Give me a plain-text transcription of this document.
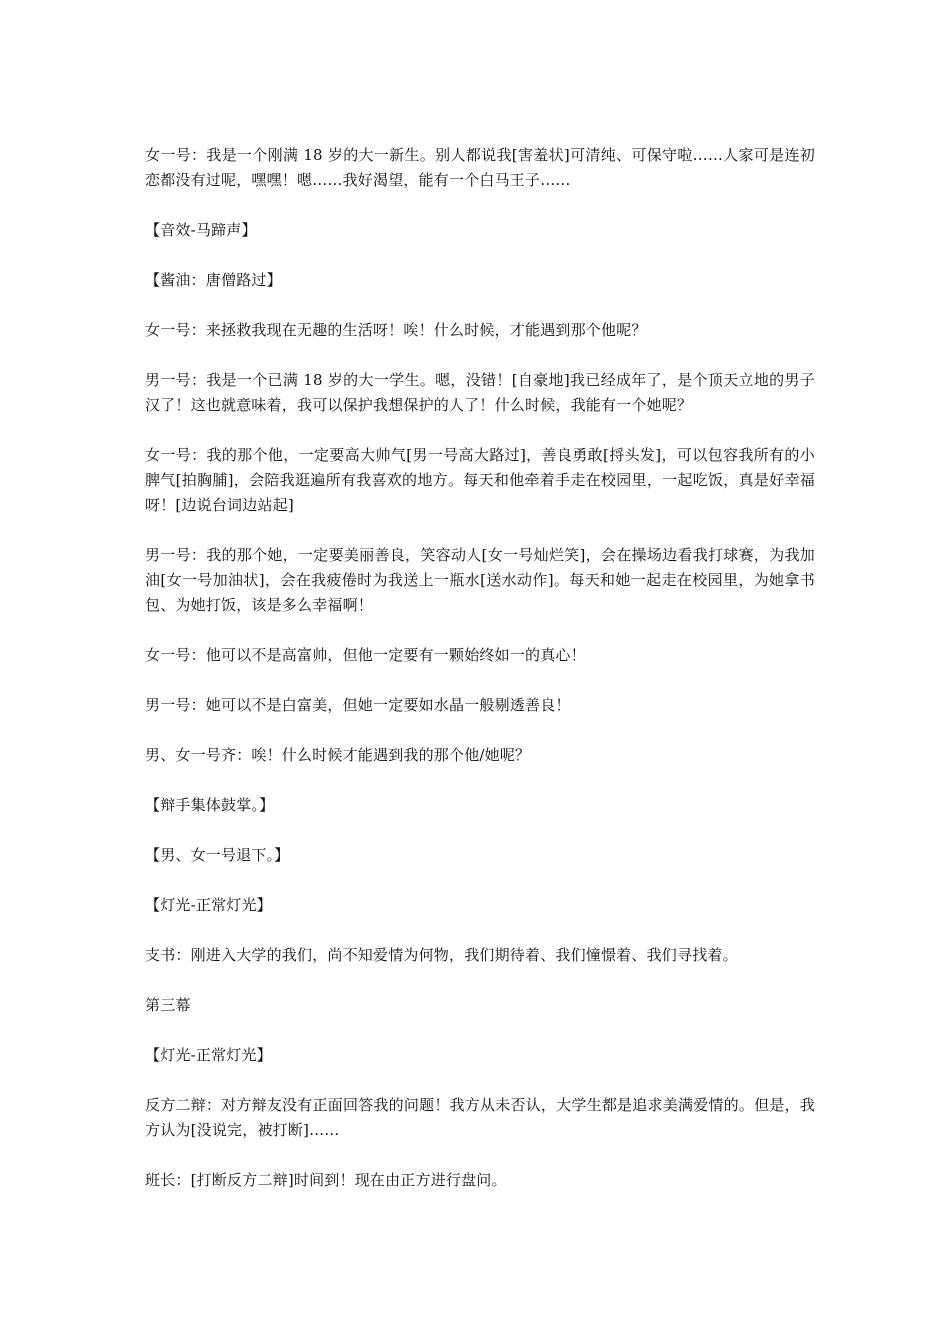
女一号：我是一个刚满 18 岁的大一新生。别人都说我[害羞状]可清纯、可保守啦……人家可是连初恋都没有过呢，嘿嘿！嗯……我好渴望，能有一个白马王子……

【音效-马蹄声】

【酱油：唐僧路过】

女一号：来拯救我现在无趣的生活呀！唉！什么时候，才能遇到那个他呢？

男一号：我是一个已满 18 岁的大一学生。嗯，没错！[自豪地]我已经成年了，是个顶天立地的男子汉了！这也就意味着，我可以保护我想保护的人了！什么时候，我能有一个她呢？

女一号：我的那个他，一定要高大帅气[男一号高大路过]，善良勇敢[捋头发]，可以包容我所有的小脾气[拍胸脯]，会陪我逛遍所有我喜欢的地方。每天和他牵着手走在校园里，一起吃饭，真是好幸福呀！[边说台词边站起]

男一号：我的那个她，一定要美丽善良，笑容动人[女一号灿烂笑]，会在操场边看我打球赛，为我加油[女一号加油状]，会在我疲倦时为我送上一瓶水[送水动作]。每天和她一起走在校园里，为她拿书包、为她打饭，该是多么幸福啊！

女一号：他可以不是高富帅，但他一定要有一颗始终如一的真心！

男一号：她可以不是白富美，但她一定要如水晶一般剔透善良！

男、女一号齐：唉！什么时候才能遇到我的那个他/她呢？

【辩手集体鼓掌。】

【男、女一号退下。】

【灯光-正常灯光】

支书：刚进入大学的我们，尚不知爱情为何物，我们期待着、我们憧憬着、我们寻找着。

第三幕

【灯光-正常灯光】

反方二辩：对方辩友没有正面回答我的问题！我方从未否认，大学生都是追求美满爱情的。但是，我方认为[没说完，被打断]……

班长：[打断反方二辩]时间到！现在由正方进行盘问。
